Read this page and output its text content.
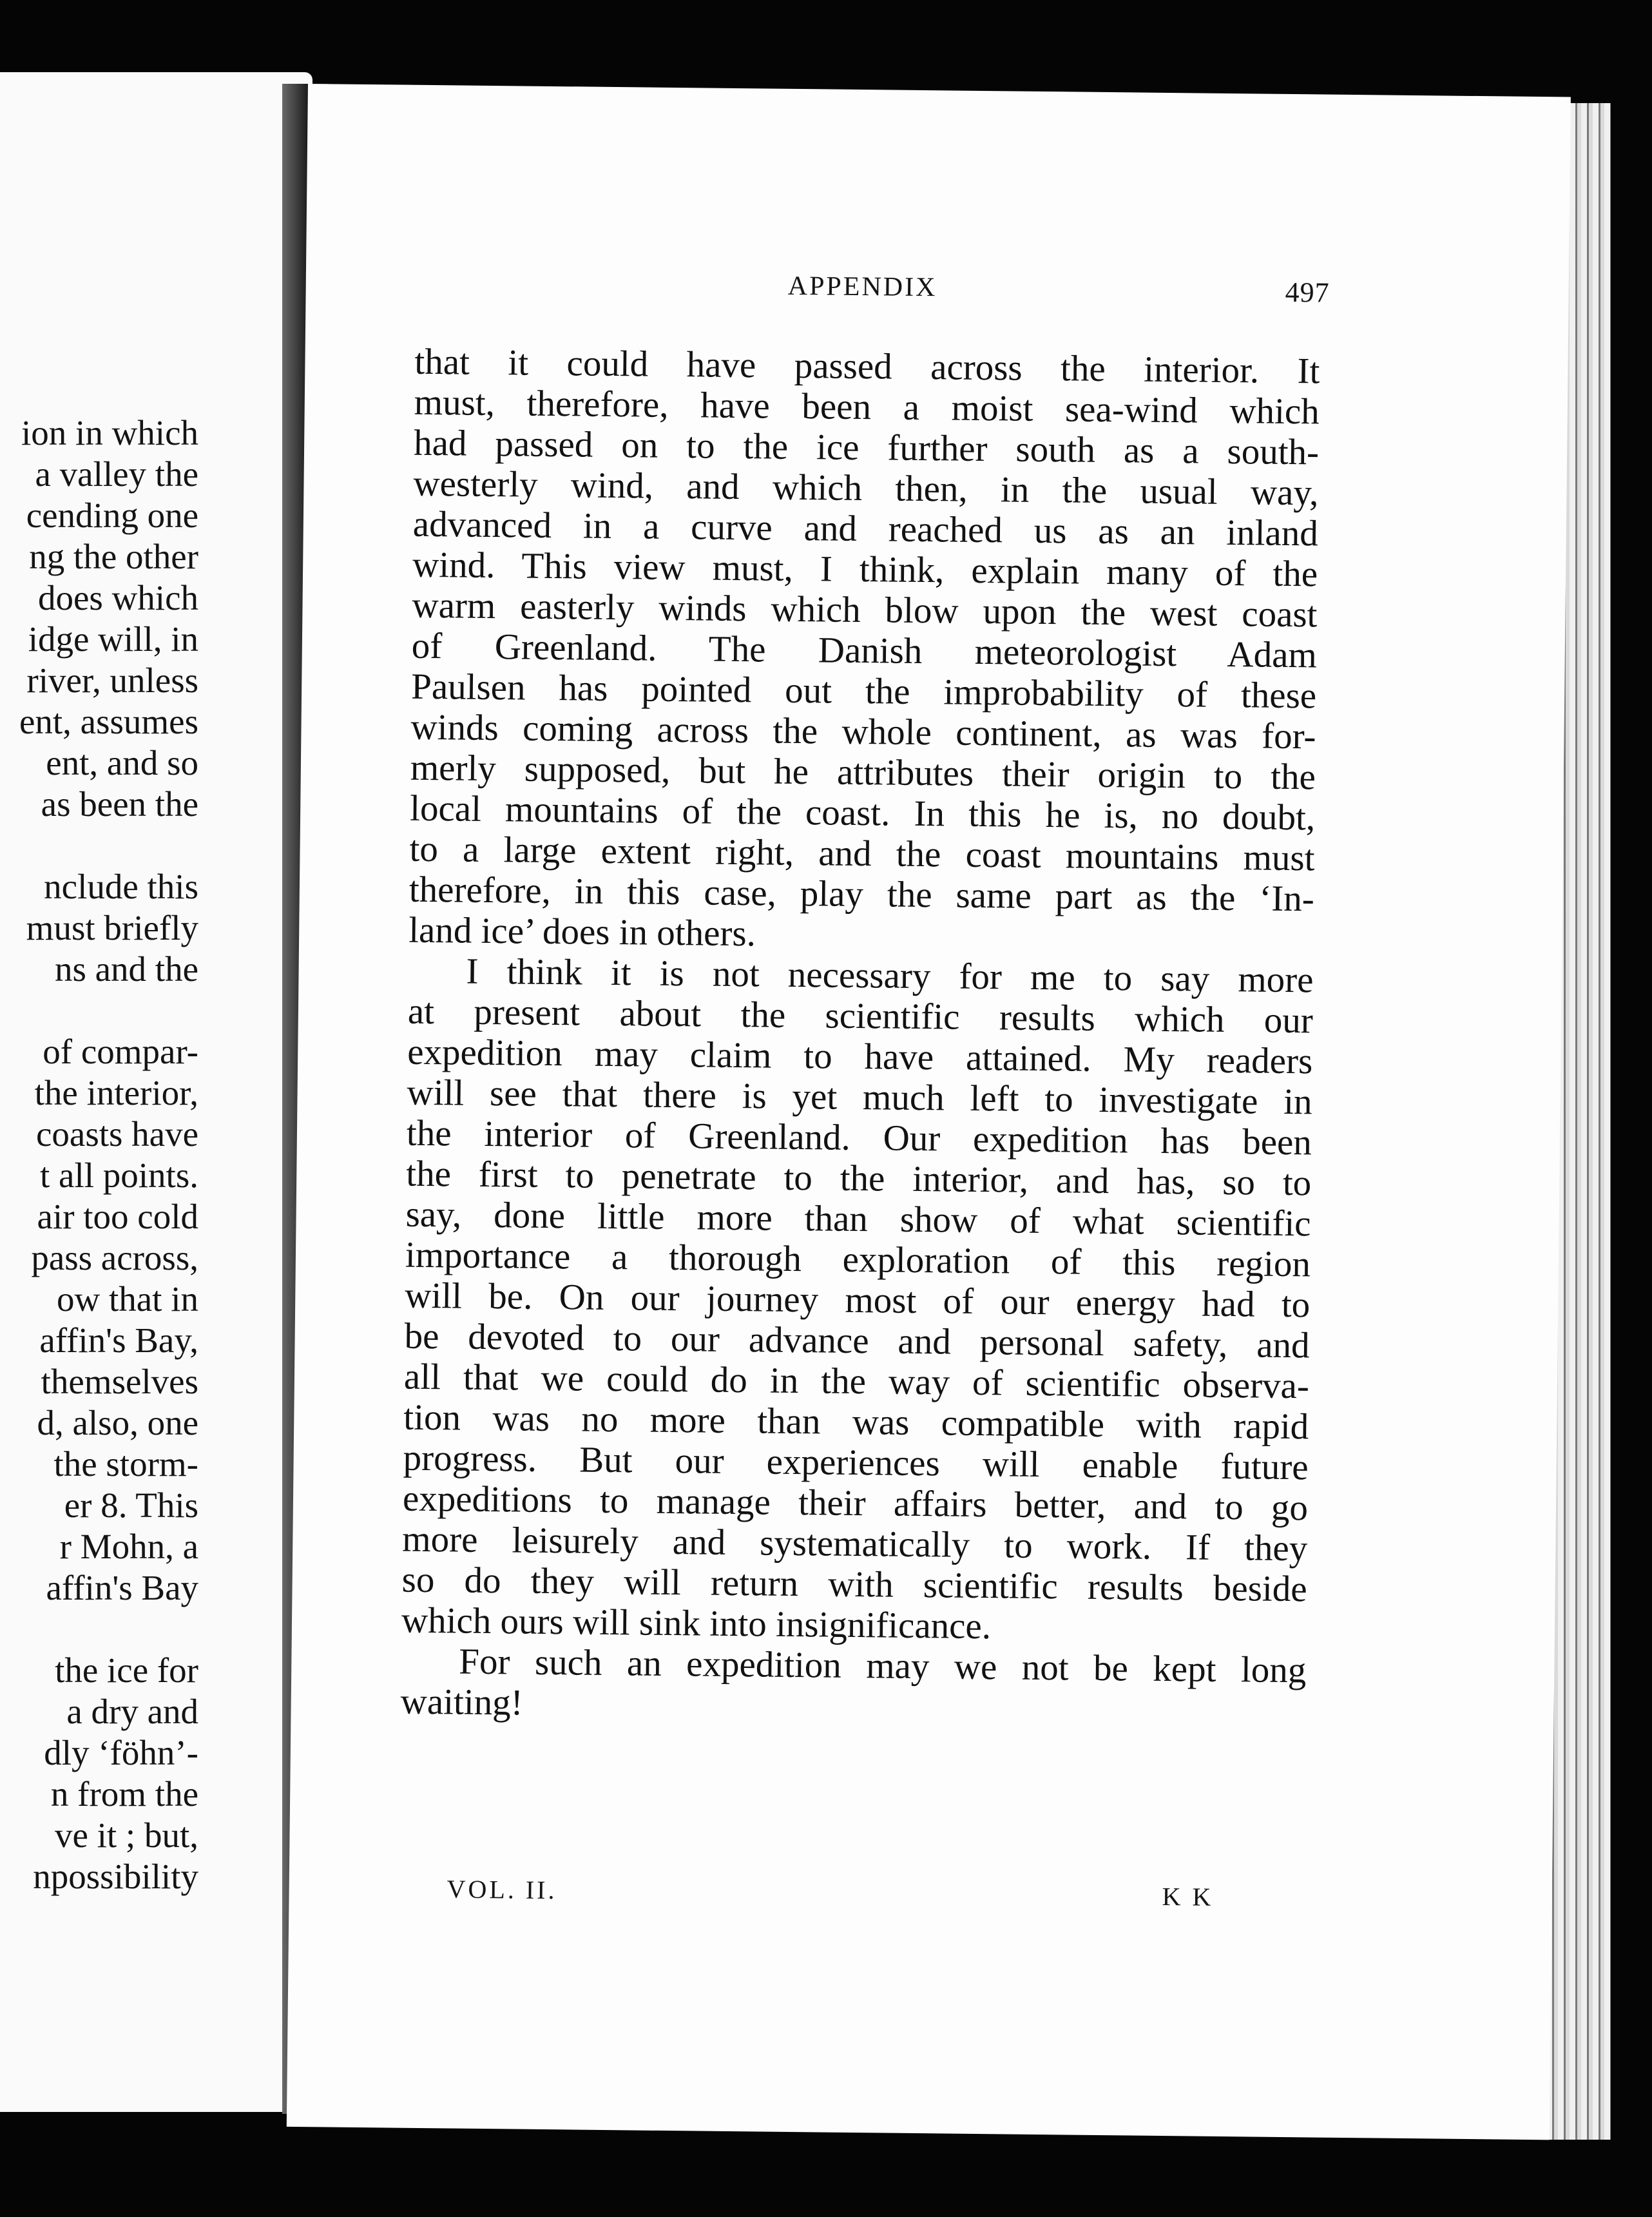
ion in which
a valley the
cending one
ng the other
does which
idge will, in
river, unless
ent, assumes
ent, and so
as been the
nclude this
must briefly
ns and the
of compar-
the interior,
coasts have
t all points.
air too cold
pass across,
ow that in
affin's Bay,
themselves
d, also, one
the storm-
er 8. This
r Mohn, a
affin's Bay
the ice for
a dry and
dly ‘föhn’-
n from the
ve it ; but,
npossibility
APPENDIX	497
that it could have passed across the interior. It
must, therefore, have been a moist sea-wind which
had passed on to the ice further south as a south-
westerly wind, and which then, in the usual way,
advanced in a curve and reached us as an inland
wind. This view must, I think, explain many of the
warm easterly winds which blow upon the west coast
of Greenland. The Danish meteorologist Adam
Paulsen has pointed out the improbability of these
winds coming across the whole continent, as was for-
merly supposed, but he attributes their origin to the
local mountains of the coast. In this he is, no doubt,
to a large extent right, and the coast mountains must
therefore, in this case, play the same part as the ‘In-
land ice’ does in others.
I think it is not necessary for me to say more
at present about the scientific results which our
expedition may claim to have attained. My readers
will see that there is yet much left to investigate in
the interior of Greenland. Our expedition has been
the first to penetrate to the interior, and has, so to
say, done little more than show of what scientific
importance a thorough exploration of this region
will be. On our journey most of our energy had to
be devoted to our advance and personal safety, and
all that we could do in the way of scientific observa-
tion was no more than was compatible with rapid
progress. But our experiences will enable future
expeditions to manage their affairs better, and to go
more leisurely and systematically to work. If they
so do they will return with scientific results beside
which ours will sink into insignificance.
For such an expedition may we not be kept long
waiting!
VOL. II.	K K
